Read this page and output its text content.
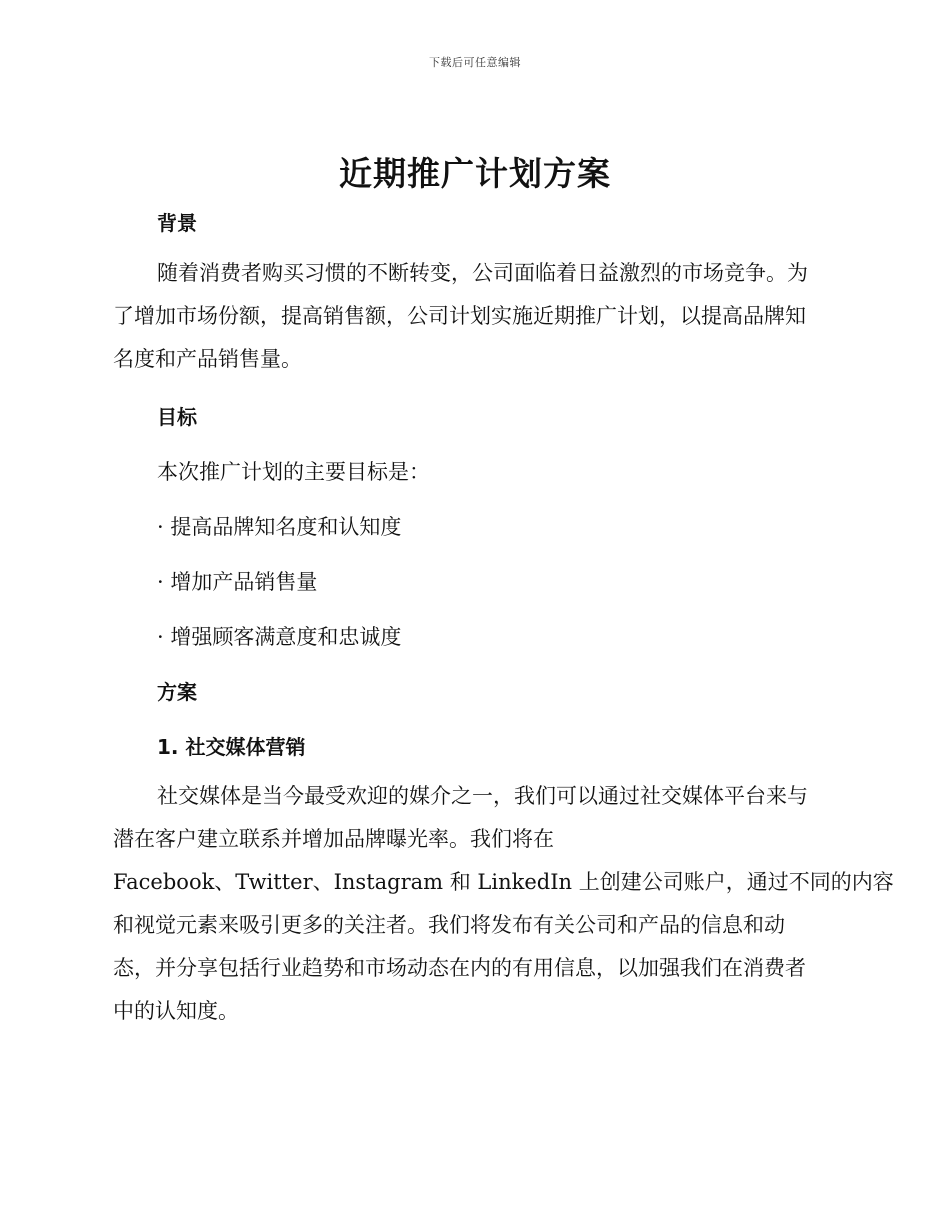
下载后可任意编辑
近期推广计划方案
背景

随着消费者购买习惯的不断转变，公司面临着日益激烈的市场竞争。为

了增加市场份额，提高销售额，公司计划实施近期推广计划，以提高品牌知

名度和产品销售量。

目标

本次推广计划的主要目标是：

· 提高品牌知名度和认知度

· 增加产品销售量

· 增强顾客满意度和忠诚度

方案
1. 社交媒体营销

社交媒体是当今最受欢迎的媒介之一，我们可以通过社交媒体平台来与

潜在客户建立联系并增加品牌曝光率。我们将在

Facebook、Twitter、Instagram 和 LinkedIn 上创建公司账户，通过不同的内容

和视觉元素来吸引更多的关注者。我们将发布有关公司和产品的信息和动

态，并分享包括行业趋势和市场动态在内的有用信息，以加强我们在消费者

中的认知度。
